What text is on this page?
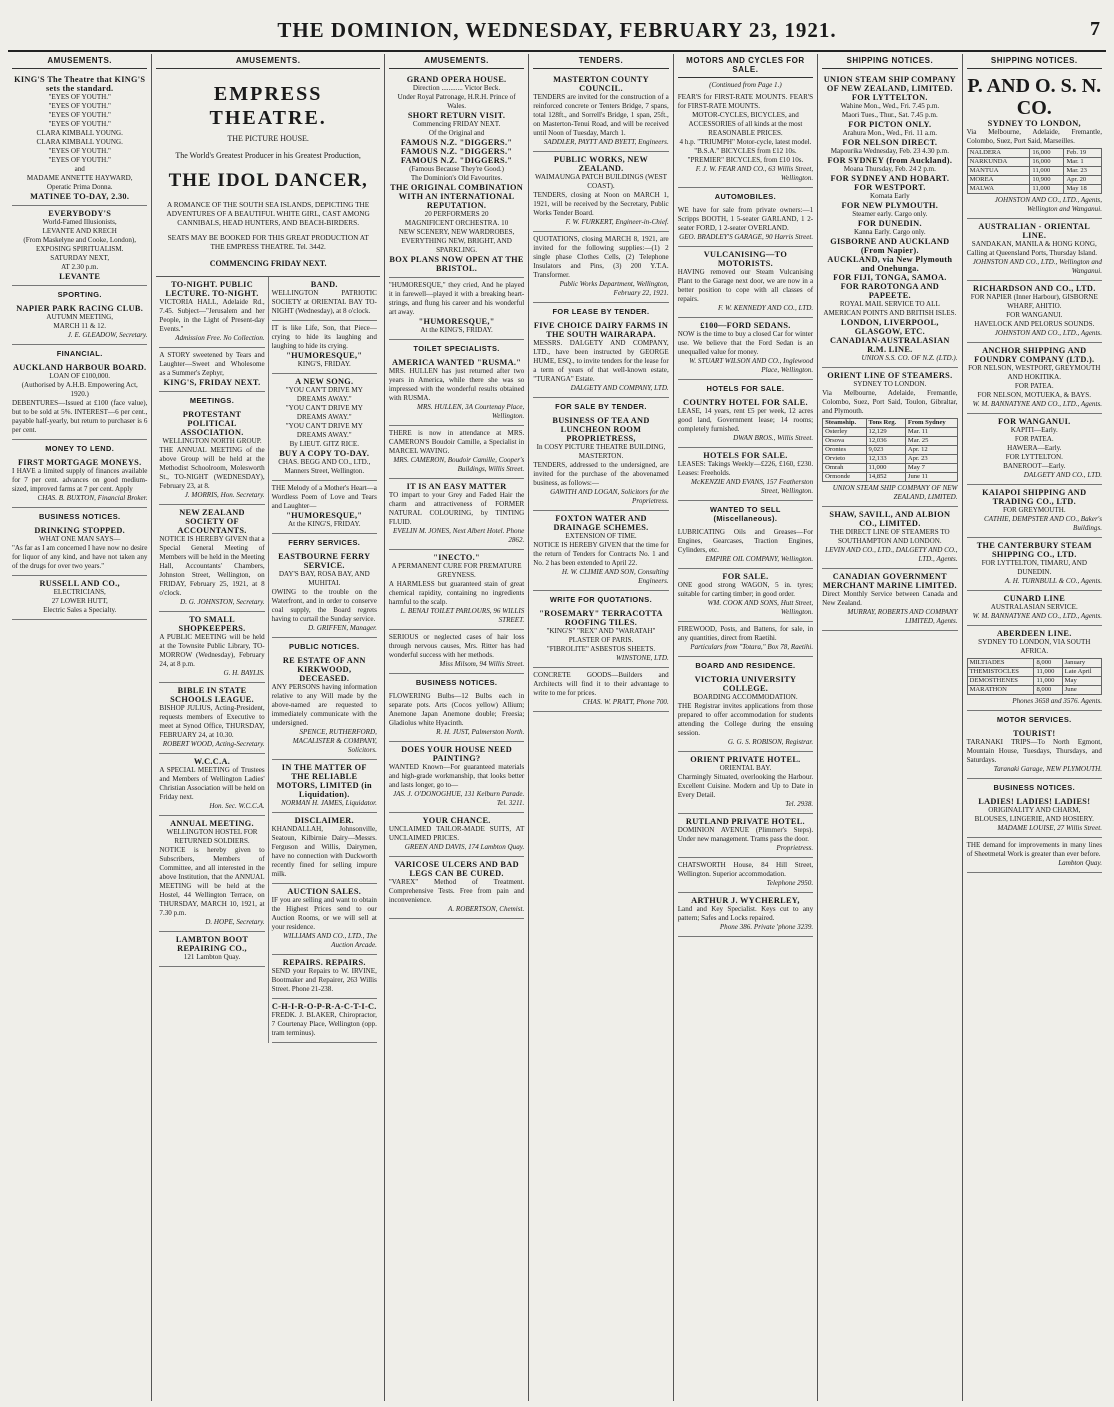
THE DOMINION, WEDNESDAY, FEBRUARY 23, 1921.	7
AMUSEMENTS.
KING'S The Theatre that KING'S sets the standard.
"EYES OF YOUTH."
"EYES OF YOUTH."
"EYES OF YOUTH."
"EYES OF YOUTH."
CLARA KIMBALL YOUNG.
CLARA KIMBALL YOUNG.
"EYES OF YOUTH."
"EYES OF YOUTH."
and
MADAME ANNETTE HAYWARD,
Operatic Prima Donna.
MATINEE TO-DAY, 2.30.
EVERYBODY'S
World-Famed Illusionists,
LEVANTE AND KRECH
(From Maskelyne and Cooke, London),
EXPOSING SPIRITUALISM.
SATURDAY NEXT,
AT 2.30 p.m.
LEVANTE
SPORTING.
NAPIER PARK RACING CLUB.
AUTUMN MEETING,
MARCH 11 & 12.
J. E. GLEADOW, Secretary.
FINANCIAL.
AUCKLAND HARBOUR BOARD.
LOAN OF £100,000.
(Authorised by A.H.B. Empowering Act, 1920.)
DEBENTURES—Issued at £100 (face value), but to be sold at 5%. INTEREST—6 per cent., payable half-yearly, but return to purchaser is 6 per cent.
MONEY TO LEND.
FIRST MORTGAGE MONEYS.
I HAVE a limited supply of finances available for 7 per cent. advances on good medium-sized, improved farms at 7 per cent. Apply
CHAS. B. BUXTON, Financial Broker.
BUSINESS NOTICES.
DRINKING STOPPED.
WHAT ONE MAN SAYS—
"As far as I am concerned I have now no desire for liquor of any kind, and have not taken any of the drugs for over two years."
RUSSELL AND CO.,
ELECTRICIANS,
27 LOWER HUTT,
Electric Sales a Specialty.
AMUSEMENTS.
EMPRESS THEATRE.
THE PICTURE HOUSE.
The World's Greatest Producer in his Greatest Production,
THE IDOL DANCER,
A ROMANCE OF THE SOUTH SEA ISLANDS, DEPICTING THE ADVENTURES OF A BEAUTIFUL WHITE GIRL, CAST AMONG CANNIBALS, HEAD HUNTERS, AND BEACH-BIRDERS.
SEATS MAY BE BOOKED FOR THIS GREAT PRODUCTION AT THE EMPRESS THEATRE. Tel. 3442.
COMMENCING FRIDAY NEXT.
TO-NIGHT. PUBLIC LECTURE. TO-NIGHT.
VICTORIA HALL, Adelaide Rd., 7.45. Subject—"Jerusalem and her People, in the Light of Present-day Events."
Admission Free. No Collection.
A STORY sweetened by Tears and Laughter—Sweet and Wholesome as a Summer's Zephyr,
KING'S, FRIDAY NEXT.
MEETINGS.
PROTESTANT POLITICAL ASSOCIATION.
WELLINGTON NORTH GROUP.
THE ANNUAL MEETING of the above Group will be held at the Methodist Schoolroom, Molesworth St., TO-NIGHT (WEDNESDAY), February 23, at 8.
J. MORRIS, Hon. Secretary.
NEW ZEALAND SOCIETY OF ACCOUNTANTS.
NOTICE IS HEREBY GIVEN that a Special General Meeting of Members will be held in the Meeting Hall, Accountants' Chambers, Johnston Street, Wellington, on FRIDAY, February 25, 1921, at 8 o'clock.
D. G. JOHNSTON, Secretary.
TO SMALL SHOPKEEPERS.
A PUBLIC MEETING will be held at the Townsite Public Library, TO-MORROW (Wednesday), February 24, at 8 p.m.
G. H. BAYLIS.
BIBLE IN STATE SCHOOLS LEAGUE.
BISHOP JULIUS, Acting-President, requests members of Executive to meet at Synod Office, THURSDAY, FEBRUARY 24, at 10.30.
ROBERT WOOD, Acting-Secretary.
W.C.C.A.
A SPECIAL MEETING of Trustees and Members of Wellington Ladies' Christian Association will be held on Friday next.
Hon. Sec. W.C.C.A.
ANNUAL MEETING.
WELLINGTON HOSTEL FOR RETURNED SOLDIERS.
NOTICE is hereby given to Subscribers, Members of Committee, and all interested in the above Institution, that the ANNUAL MEETING will be held at the Hostel, 44 Wellington Terrace, on THURSDAY, MARCH 10, 1921, at 7.30 p.m.
D. HOPE, Secretary.
LAMBTON BOOT REPAIRING CO.,
121 Lambton Quay.
BAND.
WELLINGTON PATRIOTIC SOCIETY at ORIENTAL BAY TO-NIGHT (Wednesday), at 8 o'clock.
IT is like Life, Son, that Piece—crying to hide its laughing and laughing to hide its crying.
"HUMORESQUE,"
KING'S, FRIDAY.
A NEW SONG.
"YOU CAN'T DRIVE MY DREAMS AWAY."
"YOU CAN'T DRIVE MY DREAMS AWAY."
"YOU CAN'T DRIVE MY DREAMS AWAY."
By LIEUT. GITZ RICE.
BUY A COPY TO-DAY.
CHAS. BEGG AND CO., LTD., Manners Street, Wellington.
THE Melody of a Mother's Heart—a Wordless Poem of Love and Tears and Laughter—
"HUMORESQUE,"
At the KING'S, FRIDAY.
FERRY SERVICES.
EASTBOURNE FERRY SERVICE.
DAY'S BAY, ROSA BAY, AND MUHITAI.
OWING to the trouble on the Waterfront, and in order to conserve coal supply, the Board regrets having to curtail the Sunday service.
D. GRIFFEN, Manager.
PUBLIC NOTICES.
RE ESTATE OF ANN KIRKWOOD, DECEASED.
ANY PERSONS having information relative to any Will made by the above-named are requested to immediately communicate with the undersigned.
SPENCE, RUTHERFORD, MACALISTER & COMPANY, Solicitors.
IN THE MATTER OF THE RELIABLE MOTORS, LIMITED (in Liquidation).
NORMAN H. JAMES, Liquidator.
DISCLAIMER.
KHANDALLAH, Johnsonville, Seatoun, Kilbirnie Dairy—Messrs. Ferguson and Willis, Dairymen, have no connection with Duckworth recently fined for selling impure milk.
AUCTION SALES.
IF you are selling and want to obtain the Highest Prices send to our Auction Rooms, or we will sell at your residence.
WILLIAMS AND CO., LTD., The Auction Arcade.
REPAIRS. REPAIRS.
SEND your Repairs to W. IRVINE, Bootmaker and Repairer, 263 Willis Street. Phone 21-238.
C-H-I-R-O-P-R-A-C-T-I-C.
FREDK. J. BLAKER, Chiropractor, 7 Courtenay Place, Wellington (opp. tram terminus).
AMUSEMENTS.
GRAND OPERA HOUSE.
Direction ............ Victor Beck.
Under Royal Patronage, H.R.H. Prince of Wales.
SHORT RETURN VISIT.
Commencing FRIDAY NEXT.
Of the Original and
FAMOUS N.Z. "DIGGERS."
FAMOUS N.Z. "DIGGERS."
FAMOUS N.Z. "DIGGERS."
(Famous Because They're Good.)
The Dominion's Old Favourites.
THE ORIGINAL COMBINATION WITH AN INTERNATIONAL REPUTATION.
20 PERFORMERS 20
MAGNIFICENT ORCHESTRA. 10
NEW SCENERY, NEW WARDROBES, EVERYTHING NEW, BRIGHT, AND SPARKLING.
BOX PLANS NOW OPEN AT THE BRISTOL.
"HUMORESQUE," they cried, And he played it in farewell—played it with a breaking heart-strings, and flung his career and his wonderful art away.
"HUMORESQUE,"
At the KING'S, FRIDAY.
TOILET SPECIALISTS.
AMERICA WANTED "RUSMA."
MRS. HULLEN has just returned after two years in America, while there she was so impressed with the wonderful results obtained with RUSMA.
MRS. HULLEN, 3A Courtenay Place, Wellington.
THERE is now in attendance at MRS. CAMERON'S Boudoir Camille, a Specialist in MARCEL WAVING.
MRS. CAMERON, Boudoir Camille, Cooper's Buildings, Willis Street.
IT IS AN EASY MATTER
TO impart to your Grey and Faded Hair the charm and attractiveness of FORMER NATURAL COLOURING, by TINTING FLUID.
EVELIN M. JONES, Next Albert Hotel. Phone 2862.
"INECTO."
A PERMANENT CURE FOR PREMATURE GREYNESS.
A HARMLESS but guaranteed stain of great chemical rapidity, containing no ingredients harmful to the scalp.
L. BENAJ TOILET PARLOURS, 96 WILLIS STREET.
SERIOUS or neglected cases of hair loss through nervous causes, Mrs. Ritter has had wonderful success with her methods.
Miss Milsom, 94 Willis Street.
BUSINESS NOTICES.
FLOWERING Bulbs—12 Bulbs each in separate pots. Arts (Cocos yellow) Allium; Anemone Japan Anemone double; Freesia; Gladiolus white Hyacinth.
R. H. JUST, Palmerston North.
DOES YOUR HOUSE NEED PAINTING?
WANTED Known—For guaranteed materials and high-grade workmanship, that looks better and lasts longer, go to—
JAS. J. O'DONOGHUE, 131 Kelburn Parade. Tel. 3211.
YOUR CHANCE.
UNCLAIMED TAILOR-MADE SUITS, AT UNCLAIMED PRICES.
GREEN AND DAVIS, 174 Lambton Quay.
VARICOSE ULCERS AND BAD LEGS CAN BE CURED.
"VAREX" Method of Treatment. Comprehensive Tests. Free from pain and inconvenience.
A. ROBERTSON, Chemist.
TENDERS.
MASTERTON COUNTY COUNCIL.
TENDERS are invited for the construction of a reinforced concrete or Tenters Bridge, 7 spans, total 128ft., and Sorrell's Bridge, 1 span, 25ft., on Masterton-Tenui Road, and will be received until Noon of Tuesday, March 1.
SADDLER, PAYTT AND BYETT, Engineers.
PUBLIC WORKS, NEW ZEALAND.
WAIMAUNGA PATCH BUILDINGS (WEST COAST).
TENDERS, closing at Noon on MARCH 1, 1921, will be received by the Secretary, Public Works Tender Board.
F. W. FURKERT, Engineer-in-Chief.
QUOTATIONS, closing MARCH 8, 1921, are invited for the following supplies:—(1) 2 single phase Clothes Cells, (2) Telephone Insulators and Pins, (3) 200 Y.T.A. Transformer.
Public Works Department, Wellington, February 22, 1921.
FOR LEASE BY TENDER.
FIVE CHOICE DAIRY FARMS IN THE SOUTH WAIRARAPA.
MESSRS. DALGETY AND COMPANY, LTD., have been instructed by GEORGE HUME, ESQ., to invite tenders for the lease for a term of years of that well-known estate, "TURANGA" Estate.
DALGETY AND COMPANY, LTD.
FOR SALE BY TENDER.
BUSINESS OF TEA AND LUNCHEON ROOM PROPRIETRESS,
In COSY PICTURE THEATRE BUILDING, MASTERTON.
TENDERS, addressed to the undersigned, are invited for the purchase of the abovenamed business, as follows:—
GAWITH AND LOGAN, Solicitors for the Proprietress.
FOXTON WATER AND DRAINAGE SCHEMES.
EXTENSION OF TIME.
NOTICE IS HEREBY GIVEN that the time for the return of Tenders for Contracts No. 1 and No. 2 has been extended to April 22.
H. W. CLIMIE AND SON, Consulting Engineers.
WRITE FOR QUOTATIONS.
"ROSEMARY" TERRACOTTA ROOFING TILES.
"KING'S" "REX" AND "WARATAH" PLASTER OF PARIS.
"FIBROLITE" ASBESTOS SHEETS.
WINSTONE, LTD.
CONCRETE GOODS—Builders and Architects will find it to their advantage to write to me for prices.
CHAS. W. PRATT, Phone 700.
MOTORS AND CYCLES FOR SALE.
(Continued from Page 1.)
FEAR'S for FIRST-RATE MOUNTS. FEAR'S for FIRST-RATE MOUNTS.
MOTOR-CYCLES, BICYCLES, and ACCESSORIES of all kinds at the most REASONABLE PRICES.
4 h.p. "TRIUMPH" Motor-cycle, latest model.
"B.S.A." BICYCLES from £12 10s.
"PREMIER" BICYCLES, from £10 10s.
F. J. W. FEAR AND CO., 63 Willis Street, Wellington.
AUTOMOBILES.
WE have for sale from private owners:—1 Scripps BOOTH, 1 5-seater GARLAND, 1 2-seater FORD, 1 2-seater OVERLAND.
GEO. BRADLEY'S GARAGE, 90 Harris Street.
VULCANISING—TO MOTORISTS.
HAVING removed our Steam Vulcanising Plant to the Garage next door, we are now in a better position to cope with all classes of repairs.
F. W. KENNEDY AND CO., LTD.
£100—FORD SEDANS.
NOW is the time to buy a closed Car for winter use. We believe that the Ford Sedan is an unequalled value for money.
W. STUART WILSON AND CO., Inglewood Place, Wellington.
HOTELS FOR SALE.
COUNTRY HOTEL FOR SALE.
LEASE, 14 years, rent £5 per week, 12 acres good land, Government lease; 14 rooms; completely furnished.
DWAN BROS., Willis Street.
HOTELS FOR SALE.
LEASES: Takings Weekly—£226, £160, £230. Leases: Freeholds.
McKENZIE AND EVANS, 157 Featherston Street, Wellington.
WANTED TO SELL (Miscellaneous).
LUBRICATING Oils and Greases—For Engines, Gearcases, Traction Engines, Cylinders, etc.
EMPIRE OIL COMPANY, Wellington.
FOR SALE.
ONE good strong WAGON, 5 in. tyres; suitable for carting timber; in good order.
WM. COOK AND SONS, Hutt Street, Wellington.
FIREWOOD, Posts, and Battens, for sale, in any quantities, direct from Raetihi.
Particulars from "Totara," Box 78, Raetihi.
BOARD AND RESIDENCE.
VICTORIA UNIVERSITY COLLEGE.
BOARDING ACCOMMODATION.
THE Registrar invites applications from those prepared to offer accommodation for students attending the College during the ensuing session.
G. G. S. ROBISON, Registrar.
ORIENT PRIVATE HOTEL.
ORIENTAL BAY.
Charmingly Situated, overlooking the Harbour. Excellent Cuisine. Modern and Up to Date in Every Detail.
Tel. 2938.
RUTLAND PRIVATE HOTEL.
DOMINION AVENUE (Plimmer's Steps). Under new management. Trams pass the door.
Proprietress.
CHATSWORTH House, 84 Hill Street, Wellington. Superior accommodation.
Telephone 2950.
ARTHUR J. WYCHERLEY,
Land and Key Specialist. Keys cut to any pattern; Safes and Locks repaired.
Phone 386. Private 'phone 3239.
SHIPPING NOTICES.
UNION STEAM SHIP COMPANY OF NEW ZEALAND, LIMITED.
FOR LYTTELTON.
Wahine Mon., Wed., Fri. 7.45 p.m.
Maori Tues., Thur., Sat. 7.45 p.m.
FOR PICTON ONLY.
Arahura Mon., Wed., Fri. 11 a.m.
FOR NELSON DIRECT.
Mapourika Wednesday, Feb. 23 4.30 p.m.
FOR SYDNEY (from Auckland).
Moana Thursday, Feb. 24 2 p.m.
FOR SYDNEY AND HOBART.
FOR WESTPORT.
Komata Early
FOR NEW PLYMOUTH.
Steamer early. Cargo only.
FOR DUNEDIN.
Kanna Early. Cargo only.
GISBORNE AND AUCKLAND (From Napier).
AUCKLAND, via New Plymouth and Onehunga.
FOR FIJI, TONGA, SAMOA.
FOR RAROTONGA AND PAPEETE.
ROYAL MAIL SERVICE TO ALL AMERICAN POINTS AND BRITISH ISLES.
LONDON, LIVERPOOL, GLASGOW, ETC.
CANADIAN-AUSTRALASIAN R.M. LINE.
UNION S.S. CO. OF N.Z. (LTD.).
ORIENT LINE OF STEAMERS.
SYDNEY TO LONDON.
Via Melbourne, Adelaide, Fremantle, Colombo, Suez, Port Said, Toulon, Gibraltar, and Plymouth.
Steamship.	Tons Reg.	From Sydney
Osterley	12,129	Mar. 11
Orsova	12,036	Mar. 25
Orontes	9,023	Apr. 12
Orvieto	12,133	Apr. 23
Omrah	11,000	May 7
Ormonde	14,852	June 11
UNION STEAM SHIP COMPANY OF NEW ZEALAND, LIMITED.
SHAW, SAVILL, AND ALBION CO., LIMITED.
THE DIRECT LINE OF STEAMERS TO SOUTHAMPTON AND LONDON.
LEVIN AND CO., LTD., DALGETY AND CO., LTD., Agents.
CANADIAN GOVERNMENT MERCHANT MARINE LIMITED.
Direct Monthly Service between Canada and New Zealand.
MURRAY, ROBERTS AND COMPANY LIMITED, Agents.
SHIPPING NOTICES.
P. AND O. S. N. CO.
SYDNEY TO LONDON,
Via Melbourne, Adelaide, Fremantle, Colombo, Suez, Port Said, Marseilles.
NALDERA	16,000	Feb. 19
NARKUNDA	16,000	Mar. 1
MANTUA	11,000	Mar. 23
MOREA	10,900	Apr. 20
MALWA	11,000	May 18
JOHNSTON AND CO., LTD., Agents, Wellington and Wanganui.
AUSTRALIAN - ORIENTAL LINE.
SANDAKAN, MANILA & HONG KONG,
Calling at Queensland Ports, Thursday Island.
JOHNSTON AND CO., LTD., Wellington and Wanganui.
RICHARDSON AND CO., LTD.
FOR NAPIER (Inner Harbour), GISBORNE WHARF, AHITIO.
FOR WANGANUI.
HAVELOCK AND PELORUS SOUNDS.
JOHNSTON AND CO., LTD., Agents.
ANCHOR SHIPPING AND FOUNDRY COMPANY (LTD.).
FOR NELSON, WESTPORT, GREYMOUTH AND HOKITIKA.
FOR PATEA.
FOR NELSON, MOTUEKA, & BAYS.
W. M. BANNATYNE AND CO., LTD., Agents.
FOR WANGANUI.
KAPITI—Early.
FOR PATEA.
HAWERA—Early.
FOR LYTTELTON.
BANEROOT—Early.
DALGETY AND CO., LTD.
KAIAPOI SHIPPING AND TRADING CO., LTD.
FOR GREYMOUTH.
CATHIE, DEMPSTER AND CO., Baker's Buildings.
THE CANTERBURY STEAM SHIPPING CO., LTD.
FOR LYTTELTON, TIMARU, AND DUNEDIN.
A. H. TURNBULL & CO., Agents.
CUNARD LINE
AUSTRALASIAN SERVICE.
W. M. BANNATYNE AND CO., LTD., Agents.
ABERDEEN LINE.
SYDNEY TO LONDON, VIA SOUTH AFRICA.
MILTIADES	8,000	January
THEMISTOCLES	11,000	Late April
DEMOSTHENES	11,000	May
MARATHON	8,000	June
Phones 3658 and 3576. Agents.
MOTOR SERVICES.
TOURIST!
TARANAKI TRIPS—To North Egmont, Mountain House, Tuesdays, Thursdays, and Saturdays.
Taranaki Garage, NEW PLYMOUTH.
BUSINESS NOTICES.
LADIES! LADIES! LADIES!
ORIGINALITY AND CHARM,
BLOUSES, LINGERIE, AND HOSIERY.
MADAME LOUISE, 27 Willis Street.
THE demand for improvements in many lines of Sheetmetal Work is greater than ever before.
Lambton Quay.
